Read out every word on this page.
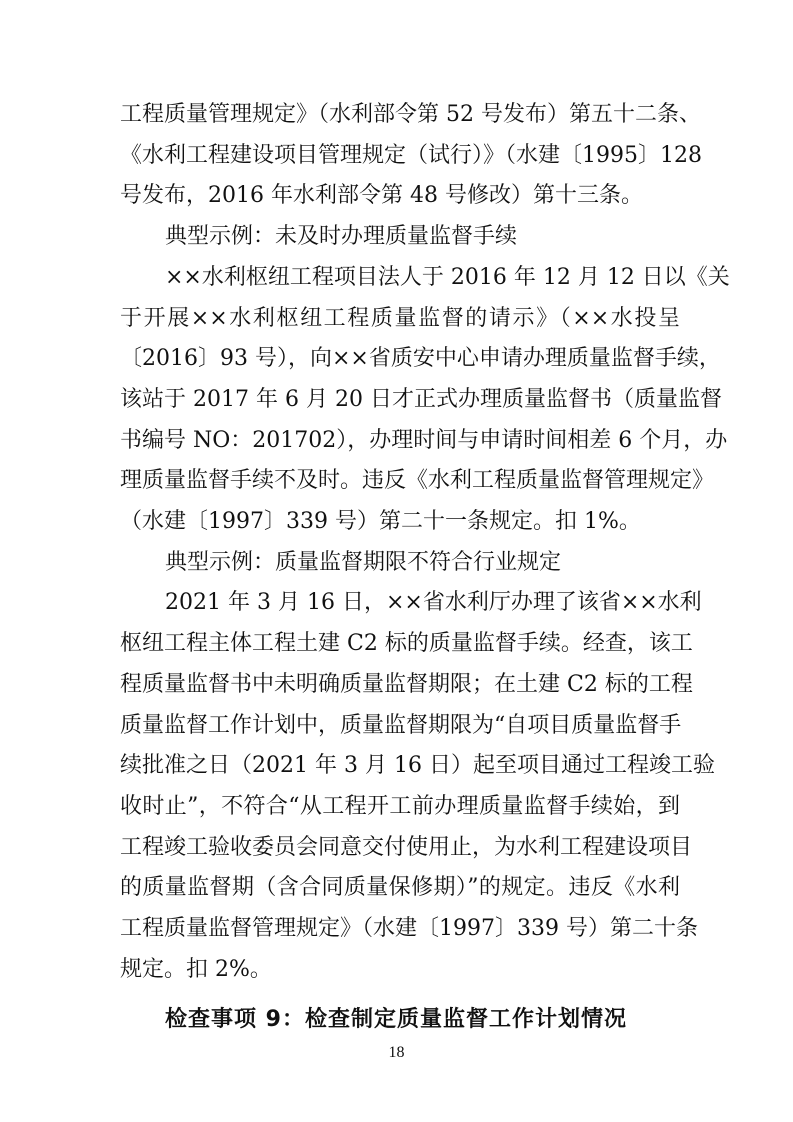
工程质量管理规定》（水利部令第 52 号发布）第五十二条、
《水利工程建设项目管理规定（试行）》（水建〔1995〕128
号发布，2016 年水利部令第 48 号修改）第十三条。
典型示例：未及时办理质量监督手续
××水利枢纽工程项目法人于 2016 年 12 月 12 日以《关
于开展××水利枢纽工程质量监督的请示》（××水投呈
〔2016〕93 号），向××省质安中心申请办理质量监督手续，
该站于 2017 年 6 月 20 日才正式办理质量监督书（质量监督
书编号 NO：201702），办理时间与申请时间相差 6 个月，办
理质量监督手续不及时。违反《水利工程质量监督管理规定》
（水建〔1997〕339 号）第二十一条规定。扣 1%。
典型示例：质量监督期限不符合行业规定
2021 年 3 月 16 日，××省水利厅办理了该省××水利
枢纽工程主体工程土建 C2 标的质量监督手续。经查，该工
程质量监督书中未明确质量监督期限；在土建 C2 标的工程
质量监督工作计划中，质量监督期限为“自项目质量监督手
续批准之日（2021 年 3 月 16 日）起至项目通过工程竣工验
收时止”，不符合“从工程开工前办理质量监督手续始，到
工程竣工验收委员会同意交付使用止，为水利工程建设项目
的质量监督期（含合同质量保修期）”的规定。违反《水利
工程质量监督管理规定》（水建〔1997〕339 号）第二十条
规定。扣 2%。
检查事项 9：检查制定质量监督工作计划情况
18
